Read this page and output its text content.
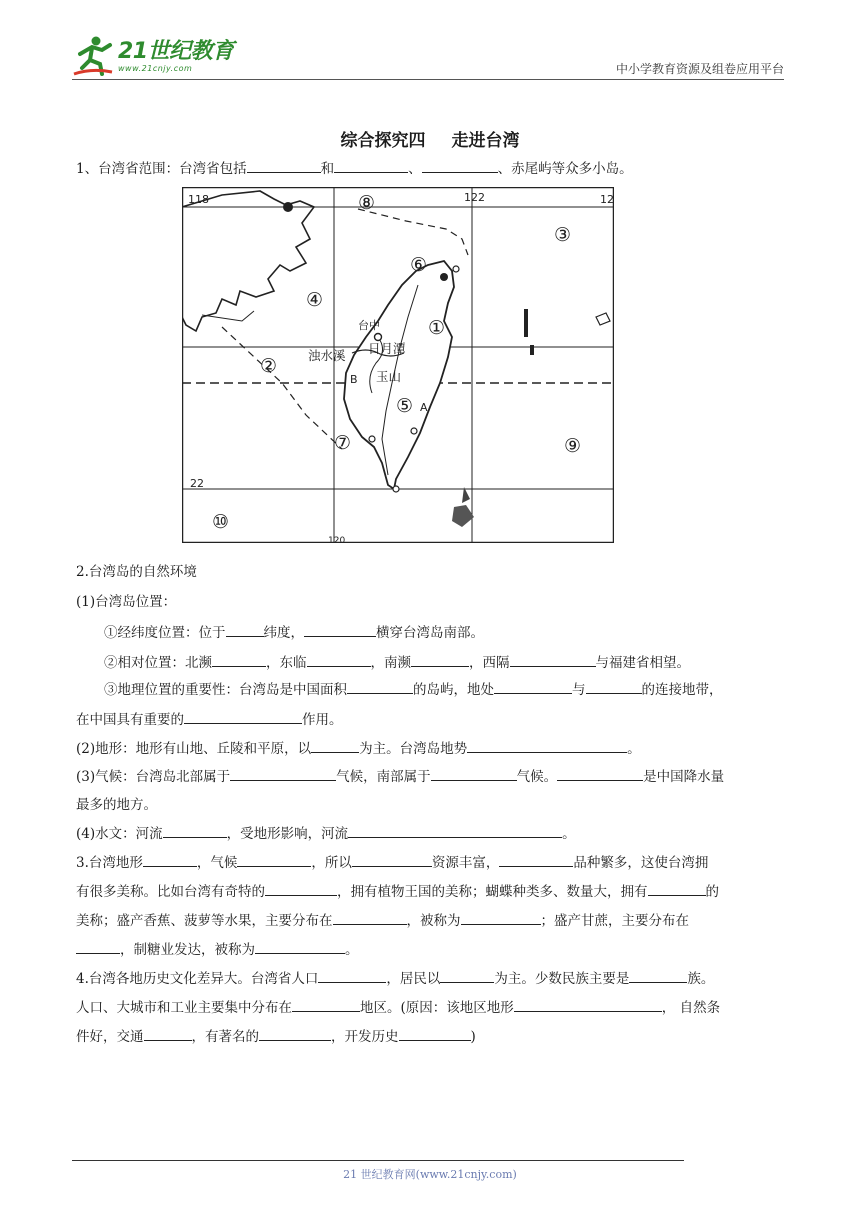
21世纪教育
www.21cnjy.com	中小学教育资源及组卷应用平台
综合探究四 走进台湾
1、台湾省范围：台湾省包括	和	、	、赤尾屿等众多小岛。
118	122	12
22
120
①
②
③
④
⑤
⑥
⑦
⑧
⑨
⑩
台中
浊水溪 日月潭
玉山
A
B
2.台湾岛的自然环境
(1)台湾岛位置：
①经纬度位置：位于	纬度，	横穿台湾岛南部。
②相对位置：北濒	，东临	，南濒	，西隔	与福建省相望。
③地理位置的重要性：台湾岛是中国面积	的岛屿，地处	与	的连接地带，
在中国具有重要的	作用。
(2)地形：地形有山地、丘陵和平原，以	为主。台湾岛地势	。
(3)气候：台湾岛北部属于	气候，南部属于	气候。	是中国降水量
最多的地方。
(4)水文：河流	，受地形影响，河流	。
3.台湾地形	，气候	，所以	资源丰富，	品种繁多，这使台湾拥
有很多美称。比如台湾有奇特的	，拥有植物王国的美称；蝴蝶种类多、数量大，拥有	的
美称；盛产香蕉、菠萝等水果，主要分布在	，被称为	；盛产甘蔗，主要分布在
，制糖业发达，被称为	。
4.台湾各地历史文化差异大。台湾省人口	，居民以	为主。少数民族主要是	族。
人口、大城市和工业主要集中分布在	地区。(原因：该地区地形	， 自然条
件好，交通	，有著名的	，开发历史	)
21 世纪教育网(www.21cnjy.com)
